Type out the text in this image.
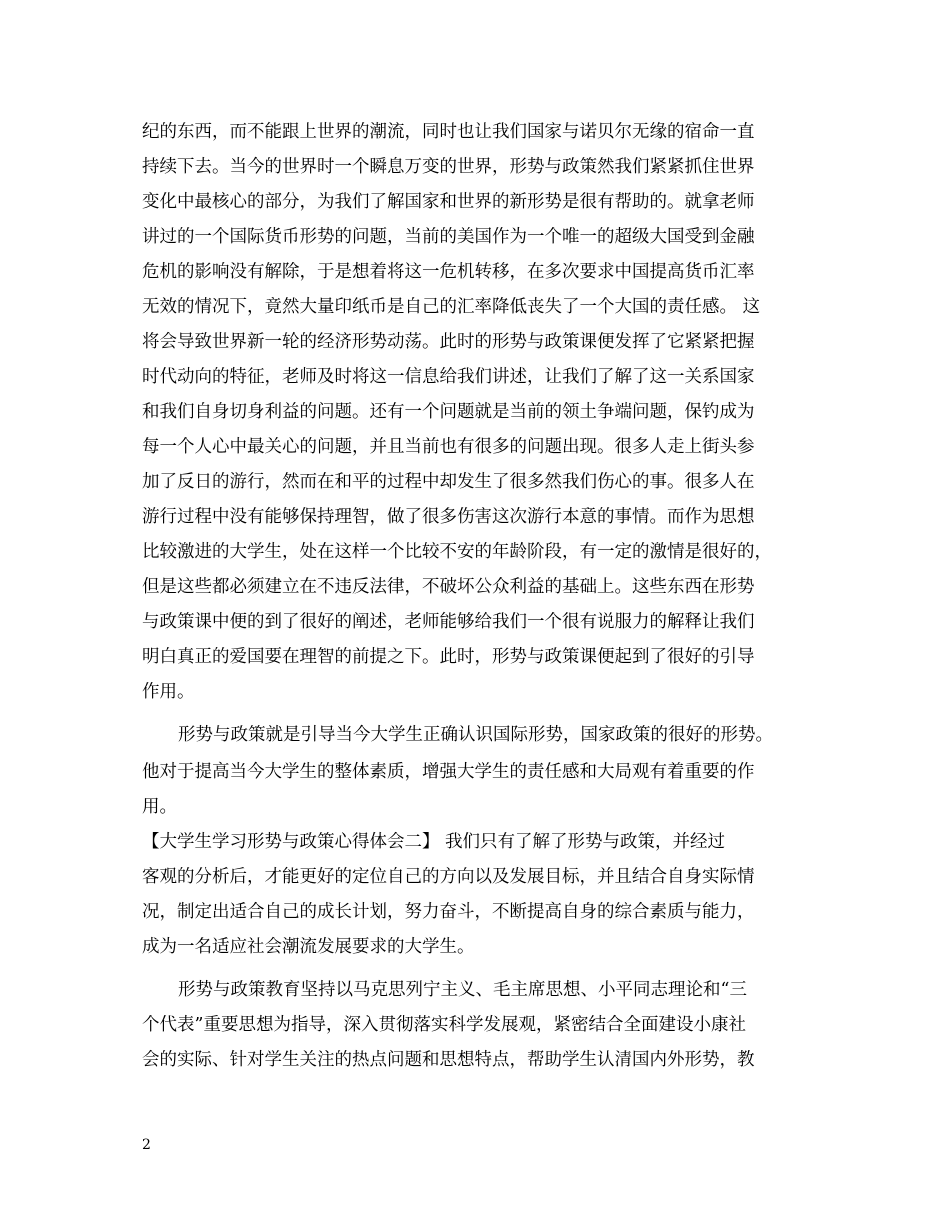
纪的东西，而不能跟上世界的潮流，同时也让我们国家与诺贝尔无缘的宿命一直
持续下去。当今的世界时一个瞬息万变的世界，形势与政策然我们紧紧抓住世界
变化中最核心的部分，为我们了解国家和世界的新形势是很有帮助的。就拿老师
讲过的一个国际货币形势的问题，当前的美国作为一个唯一的超级大国受到金融
危机的影响没有解除，于是想着将这一危机转移，在多次要求中国提高货币汇率
无效的情况下，竟然大量印纸币是自己的汇率降低丧失了一个大国的责任感。 这
将会导致世界新一轮的经济形势动荡。此时的形势与政策课便发挥了它紧紧把握
时代动向的特征，老师及时将这一信息给我们讲述，让我们了解了这一关系国家
和我们自身切身利益的问题。还有一个问题就是当前的领土争端问题，保钓成为
每一个人心中最关心的问题，并且当前也有很多的问题出现。很多人走上街头参
加了反日的游行，然而在和平的过程中却发生了很多然我们伤心的事。很多人在
游行过程中没有能够保持理智，做了很多伤害这次游行本意的事情。而作为思想
比较激进的大学生，处在这样一个比较不安的年龄阶段，有一定的激情是很好的，
但是这些都必须建立在不违反法律，不破坏公众利益的基础上。这些东西在形势
与政策课中便的到了很好的阐述，老师能够给我们一个很有说服力的解释让我们
明白真正的爱国要在理智的前提之下。此时，形势与政策课便起到了很好的引导
作用。
形势与政策就是引导当今大学生正确认识国际形势，国家政策的很好的形势。
他对于提高当今大学生的整体素质，增强大学生的责任感和大局观有着重要的作
用。
【大学生学习形势与政策心得体会二】 我们只有了解了形势与政策，并经过
客观的分析后，才能更好的定位自己的方向以及发展目标，并且结合自身实际情
况，制定出适合自己的成长计划，努力奋斗，不断提高自身的综合素质与能力，
成为一名适应社会潮流发展要求的大学生。
形势与政策教育坚持以马克思列宁主义、毛主席思想、小平同志理论和“三
个代表”重要思想为指导，深入贯彻落实科学发展观，紧密结合全面建设小康社
会的实际、针对学生关注的热点问题和思想特点，帮助学生认清国内外形势，教
2
